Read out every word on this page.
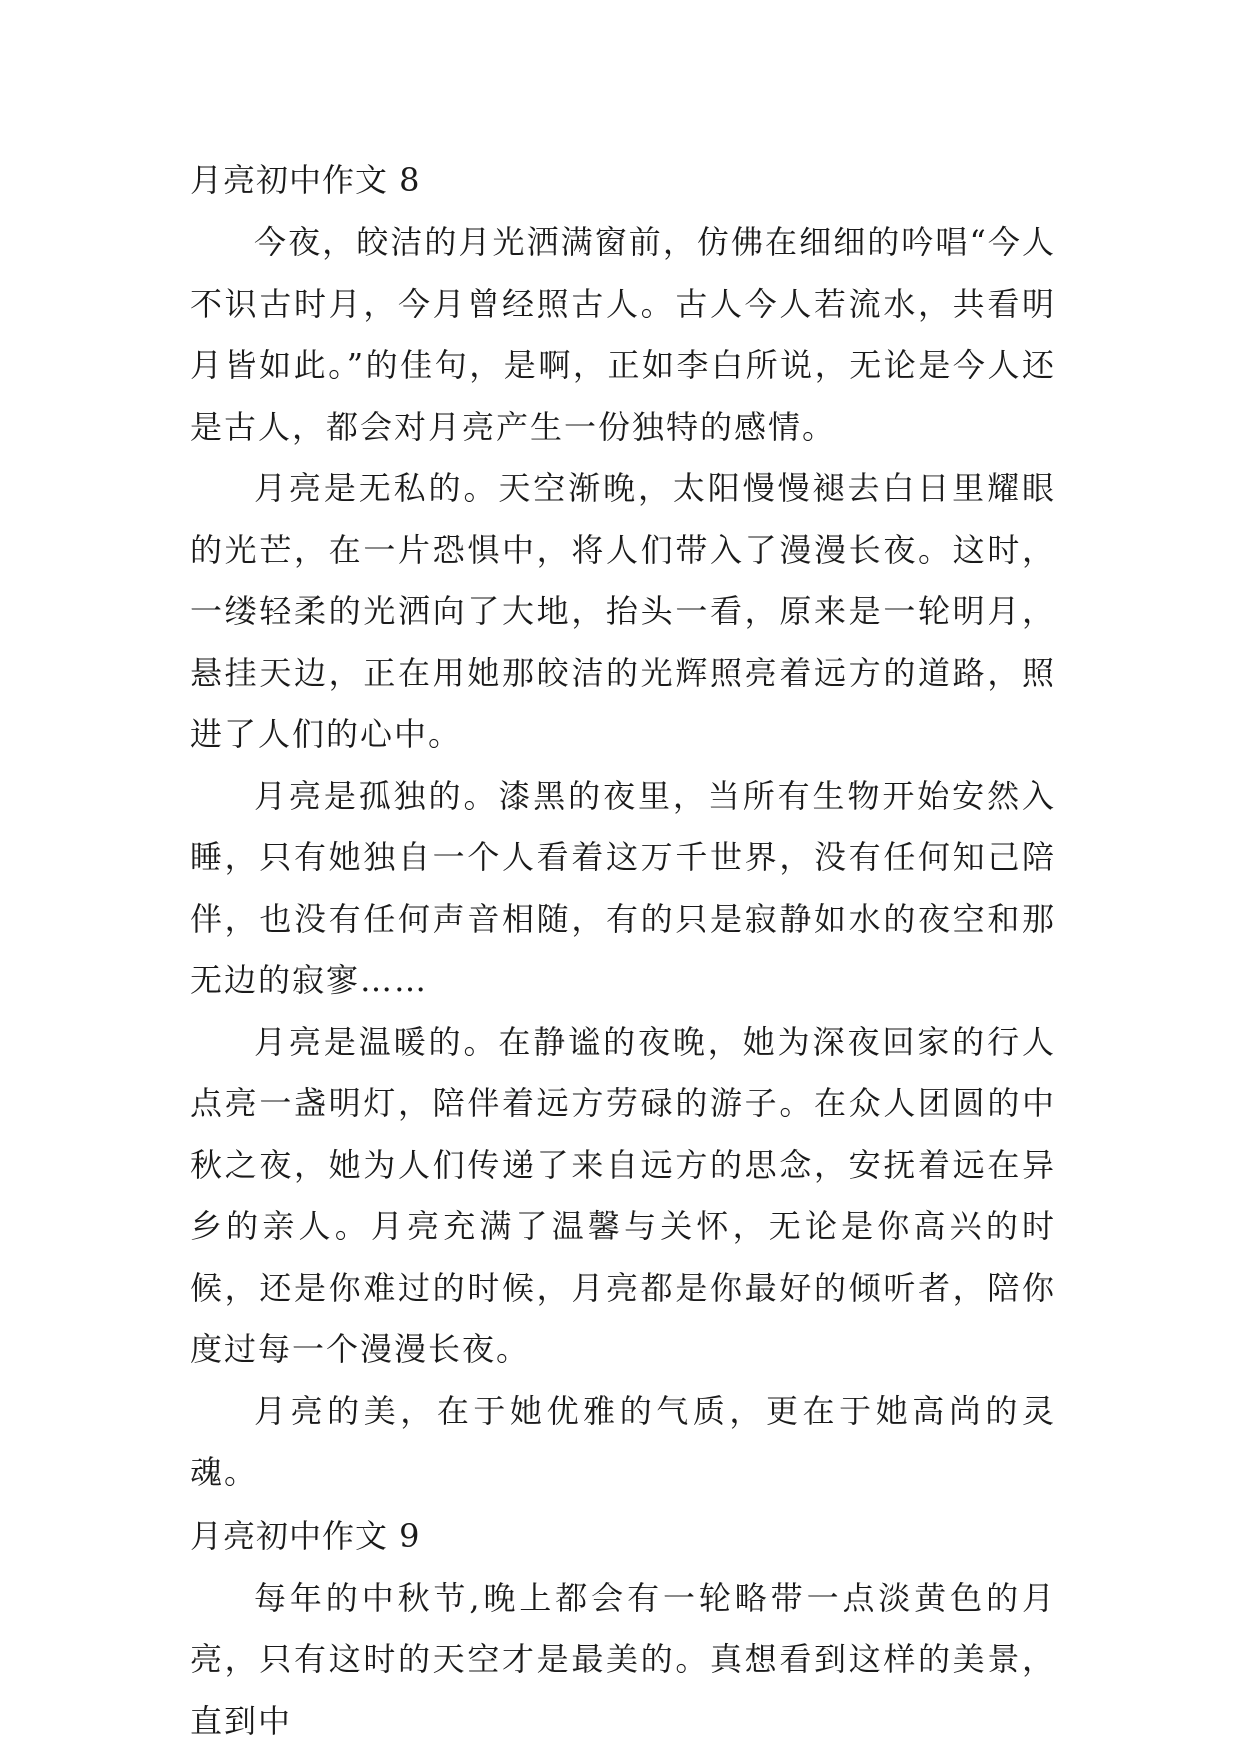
月亮初中作文 8

今夜，皎洁的月光洒满窗前，仿佛在细细的吟唱“今人不识古时月，今月曾经照古人。古人今人若流水，共看明月皆如此。”的佳句，是啊，正如李白所说，无论是今人还是古人，都会对月亮产生一份独特的感情。

月亮是无私的。天空渐晚，太阳慢慢褪去白日里耀眼的光芒，在一片恐惧中，将人们带入了漫漫长夜。这时，一缕轻柔的光洒向了大地，抬头一看，原来是一轮明月，悬挂天边，正在用她那皎洁的光辉照亮着远方的道路，照进了人们的心中。

月亮是孤独的。漆黑的夜里，当所有生物开始安然入睡，只有她独自一个人看着这万千世界，没有任何知己陪伴，也没有任何声音相随，有的只是寂静如水的夜空和那无边的寂寥……

月亮是温暖的。在静谧的夜晚，她为深夜回家的行人点亮一盏明灯，陪伴着远方劳碌的游子。在众人团圆的中秋之夜，她为人们传递了来自远方的思念，安抚着远在异乡的亲人。月亮充满了温馨与关怀，无论是你高兴的时候，还是你难过的时候，月亮都是你最好的倾听者，陪你度过每一个漫漫长夜。

月亮的美，在于她优雅的气质，更在于她高尚的灵魂。

月亮初中作文 9

每年的中秋节,晚上都会有一轮略带一点淡黄色的月亮，只有这时的天空才是最美的。真想看到这样的美景，直到中
